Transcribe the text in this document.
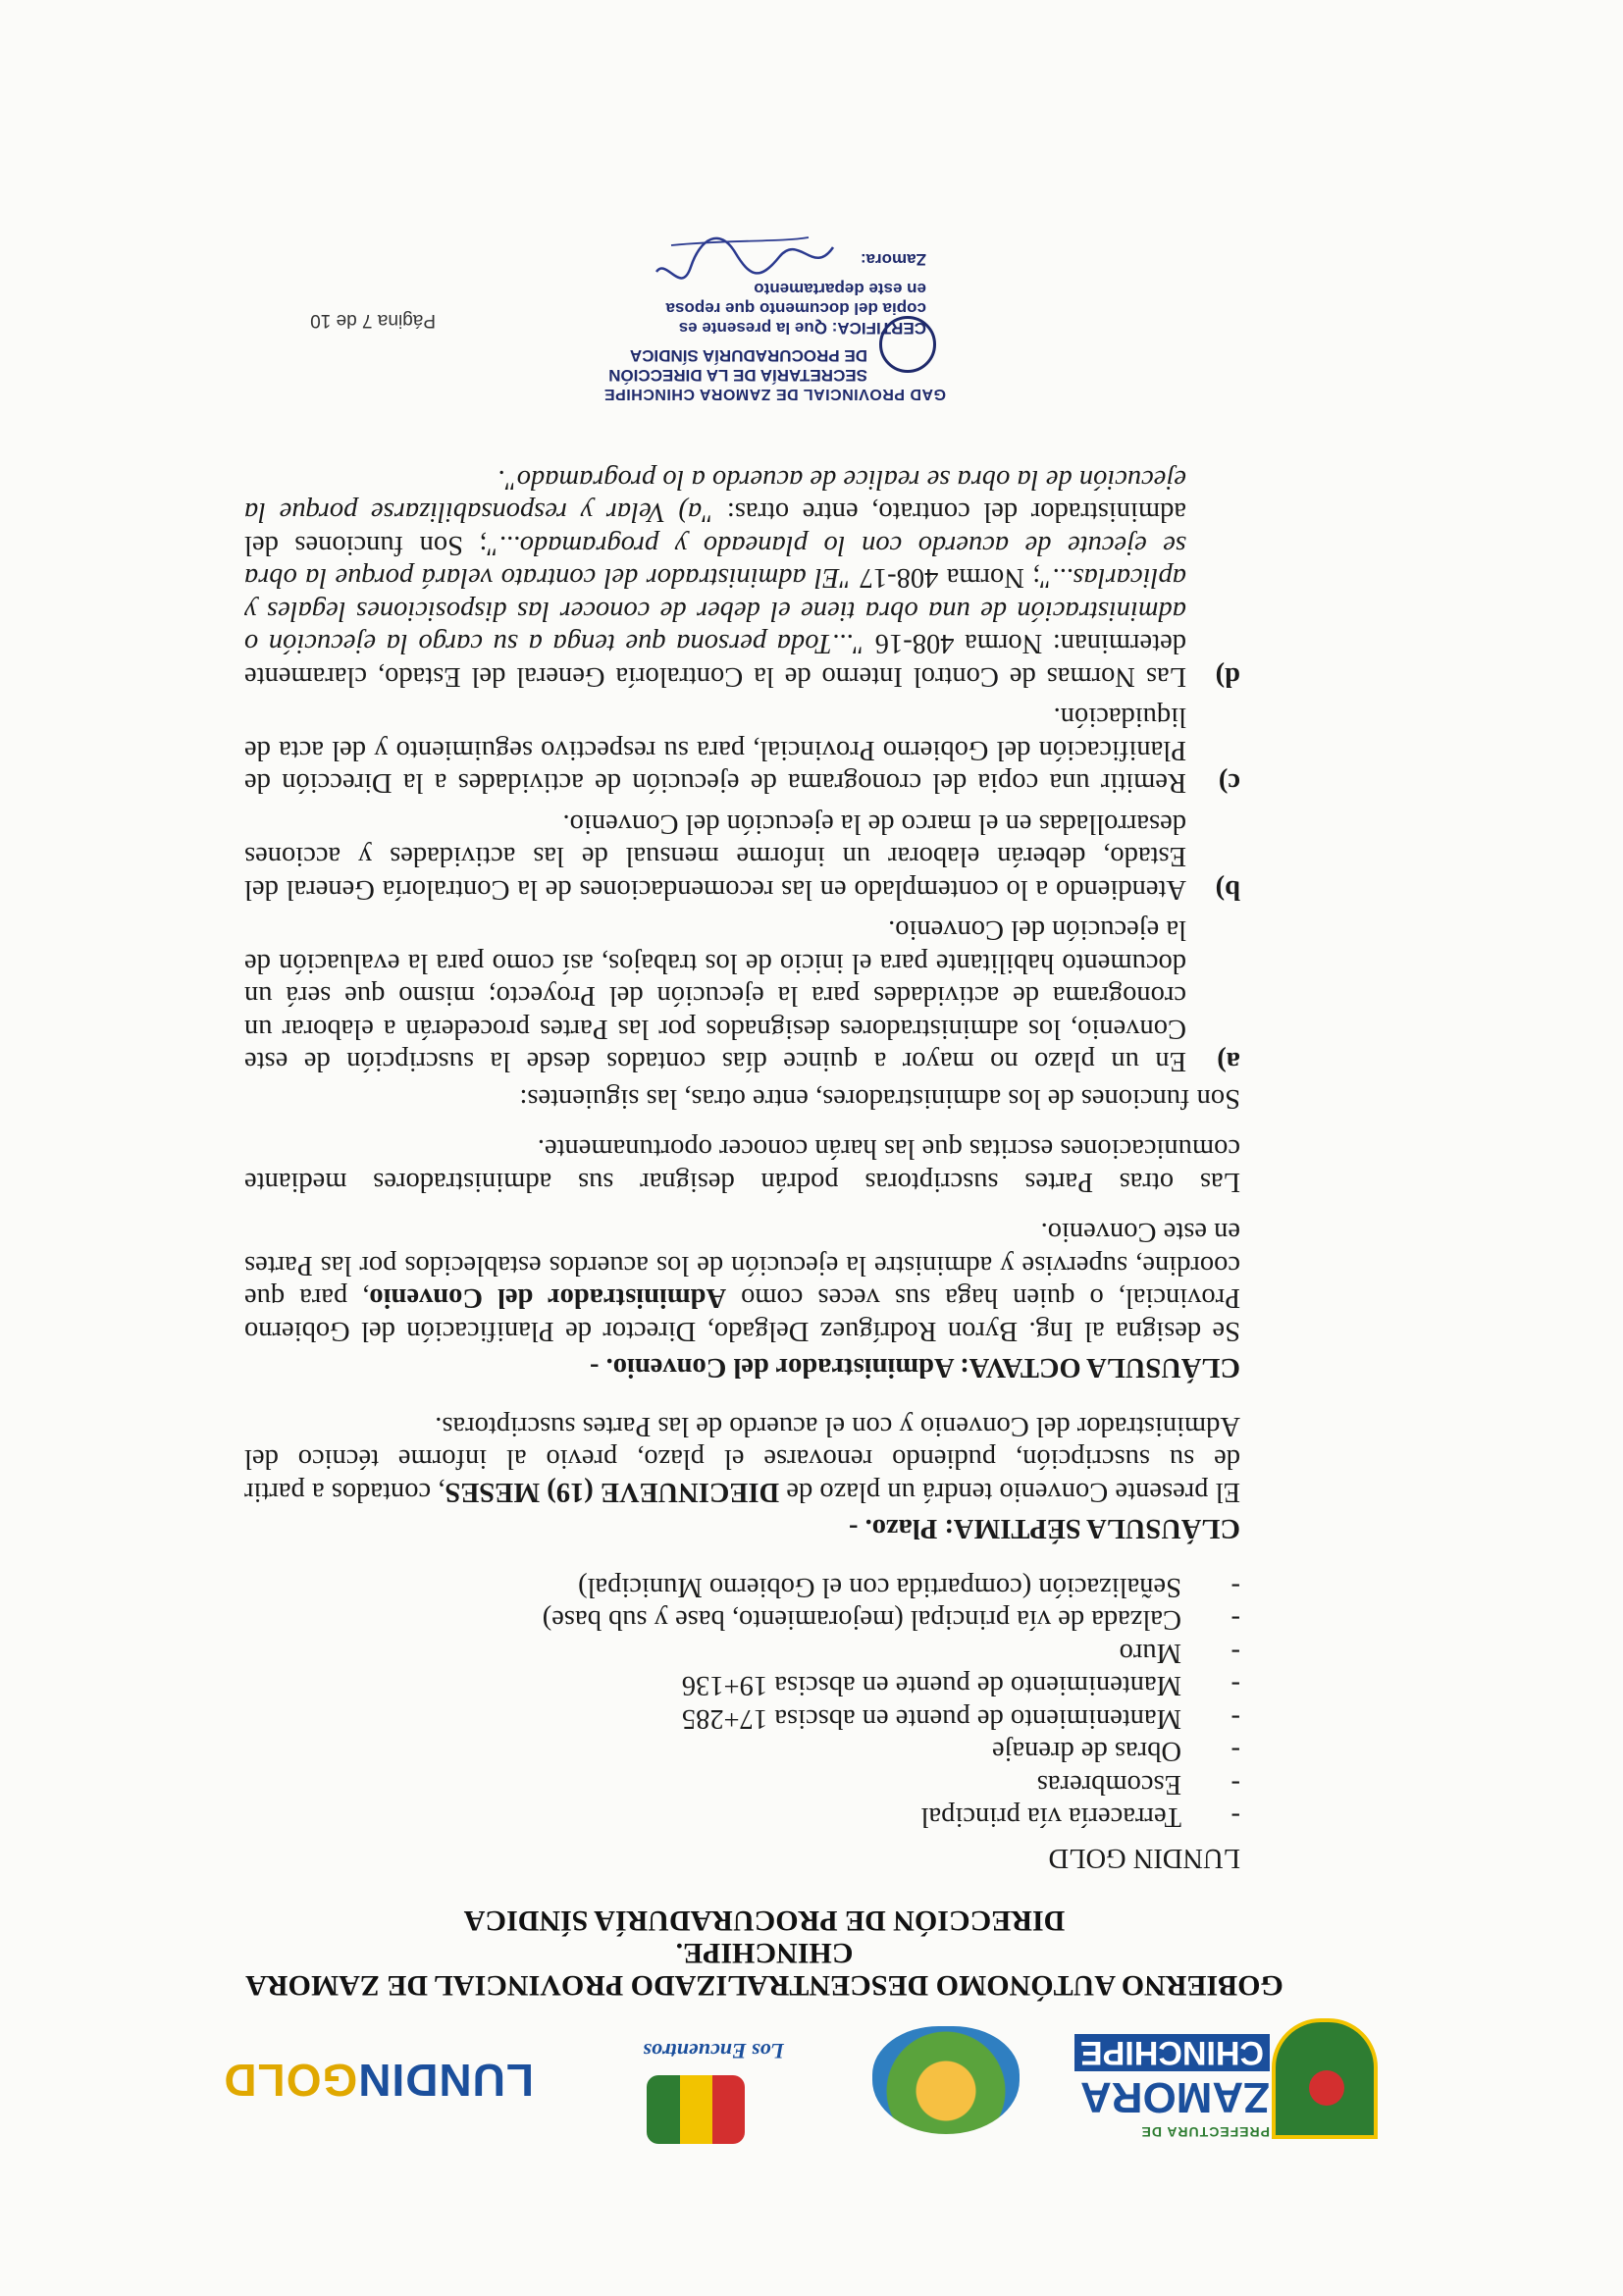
PREFECTURA DE
ZAMORA
CHINCHIPE
Los Encuentros
LUNDINGOLD
GOBIERNO AUTÓNOMO DESCENTRALIZADO PROVINCIAL DE ZAMORA
CHINCHIPE.
DIRECCIÓN DE PROCURADURÍA SÍNDICA

LUNDIN GOLD

- Terracería vía principal
- Escombreras
- Obras de drenaje
- Mantenimiento de puente en abscisa 17+285
- Mantenimiento de puente en abscisa 19+136
- Muro
- Calzada de vía principal (mejoramiento, base y sub base)
- Señalización (compartida con el Gobierno Municipal)

CLÁUSULA SÉPTIMA: Plazo. -

El presente Convenio tendrá un plazo de DIECINUEVE (19) MESES, contados a partir de su suscripción, pudiendo renovarse el plazo, previo al informe técnico del Administrador del Convenio y con el acuerdo de las Partes suscriptoras.

CLÁUSULA OCTAVA: Administrador del Convenio. -

Se designa al Ing. Byron Rodríguez Delgado, Director de Planificación del Gobierno Provincial, o quien haga sus veces como Administrador del Convenio, para que coordine, supervise y administre la ejecución de los acuerdos establecidos por las Partes en este Convenio.

Las otras Partes suscriptoras podrán designar sus administradores mediante comunicaciones escritas que las harán conocer oportunamente.

Son funciones de los administradores, entre otras, las siguientes:

a)
En un plazo no mayor a quince días contados desde la suscripción de este Convenio, los administradores designados por las Partes procederán a elaborar un cronograma de actividades para la ejecución del Proyecto; mismo que será un documento habilitante para el inicio de los trabajos, así como para la evaluación de la ejecución del Convenio.
b)
Atendiendo a lo contemplado en las recomendaciones de la Contraloría General del Estado, deberán elaborar un informe mensual de las actividades y acciones desarrolladas en el marco de la ejecución del Convenio.
c)
Remitir una copia del cronograma de ejecución de actividades a la Dirección de Planificación del Gobierno Provincial, para su respectivo seguimiento y del acta de liquidación.
d)
Las Normas de Control Interno de la Contraloría General del Estado, claramente determinan: Norma 408-16 "...Toda persona que tenga a su cargo la ejecución o administración de una obra tiene el deber de conocer las disposiciones legales y aplicarlas..."; Norma 408-17 "El administrador del contrato velará porque la obra se ejecute de acuerdo con lo planeado y programado..."; Son funciones del administrador del contrato, entre otras: "a) Velar y responsabilizarse porque la ejecución de la obra se realice de acuerdo a lo programado".
GAD PROVINCIAL DE ZAMORA CHINCHIPE
SECRETARÍA DE LA DIRECCIÓN
DE PROCURADURÍA SÍNDICA
CERTIFICA: Que la presente es
copia del documento que reposa
en este departamento
Zamora:
Página 7 de 10
